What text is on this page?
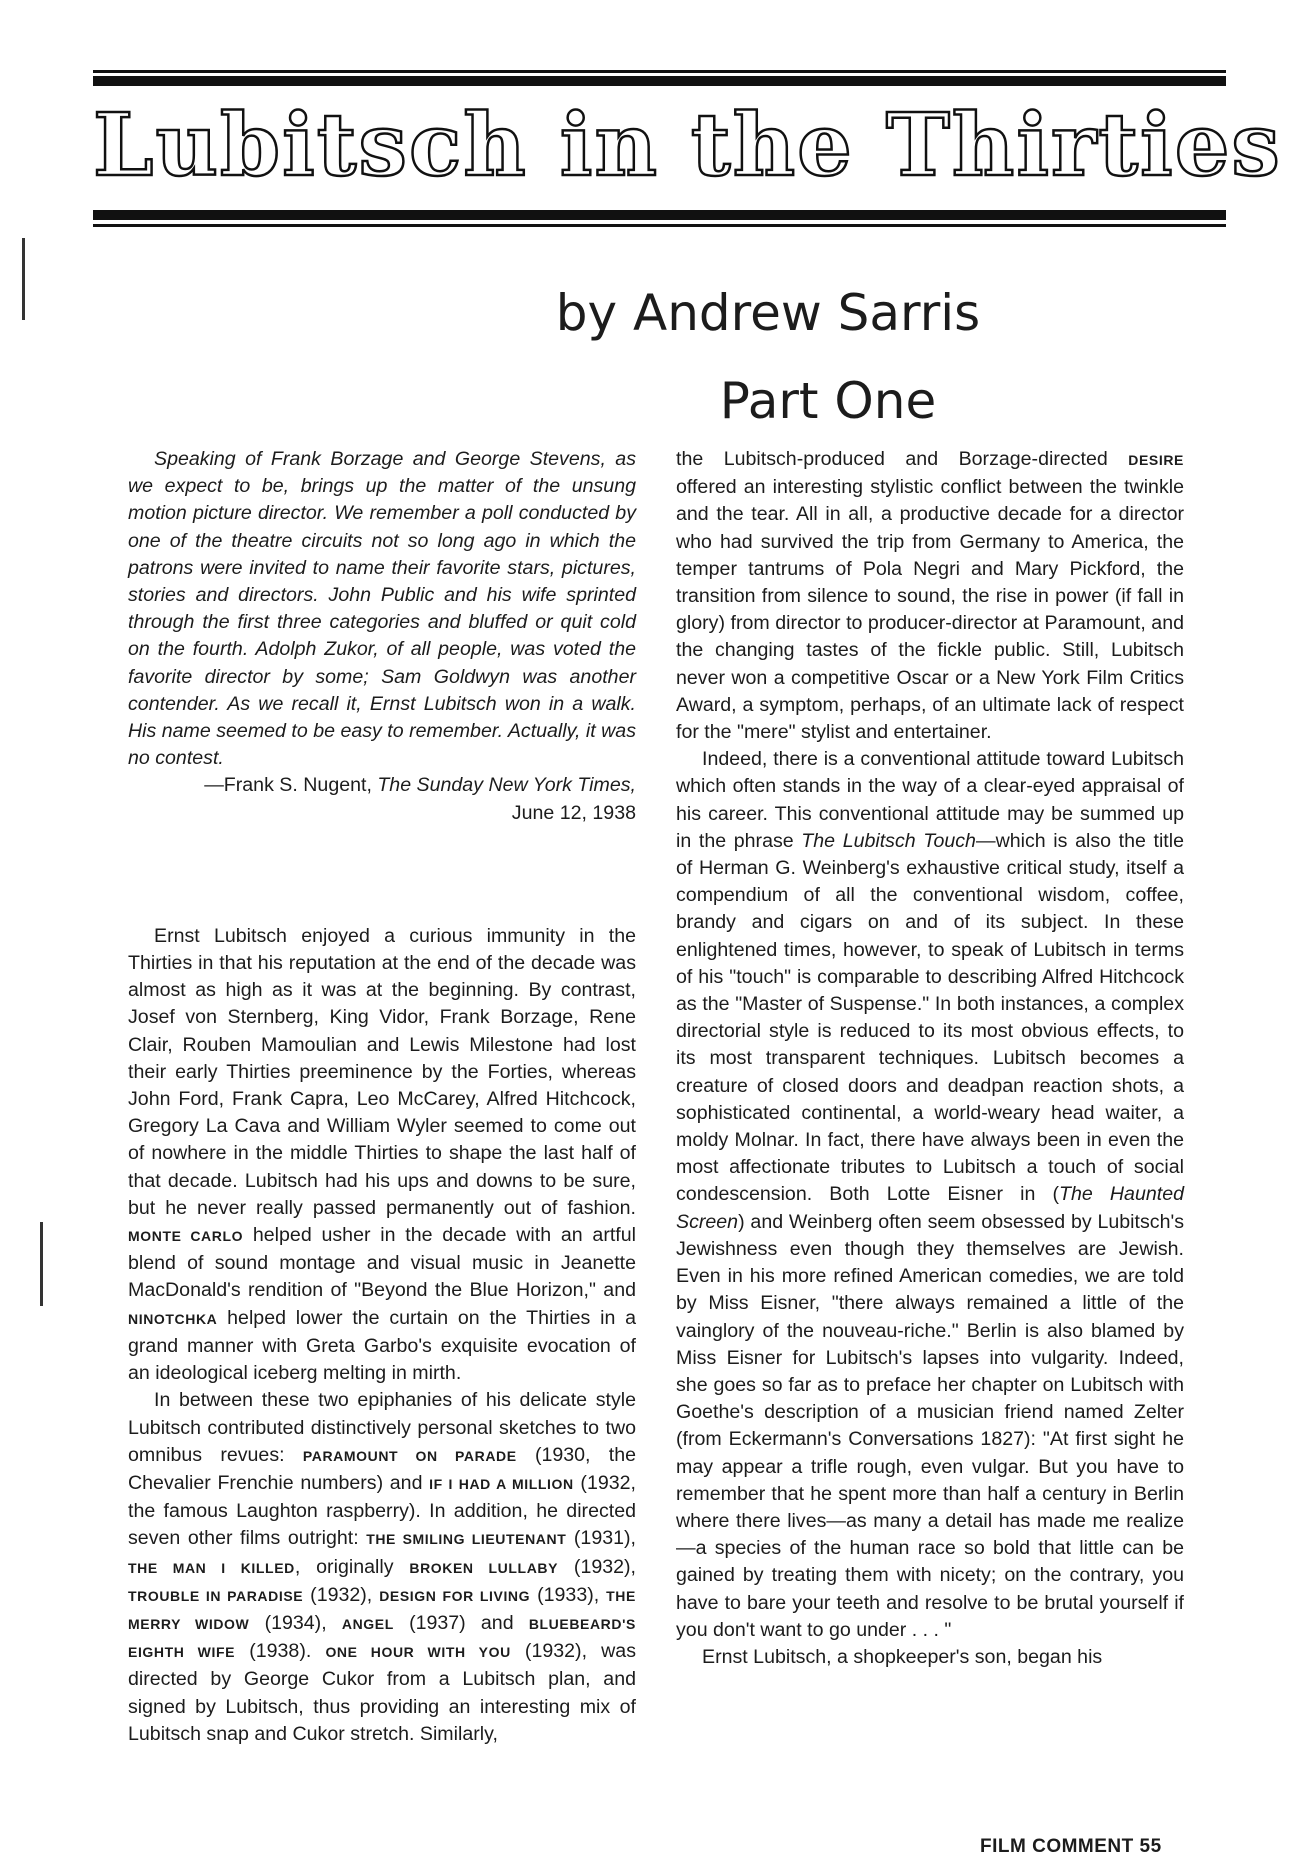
Lubitsch in the Thirties
by Andrew Sarris
Part One

Speaking of Frank Borzage and George Stevens, as we expect to be, brings up the matter of the unsung motion picture director. We remember a poll conducted by one of the theatre circuits not so long ago in which the patrons were invited to name their favorite stars, pictures, stories and directors. John Public and his wife sprinted through the first three categories and bluffed or quit cold on the fourth. Adolph Zukor, of all people, was voted the favorite director by some; Sam Goldwyn was another contender. As we recall it, Ernst Lubitsch won in a walk. His name seemed to be easy to remember. Actually, it was no contest.

—Frank S. Nugent, The Sunday New York Times,
June 12, 1938

Ernst Lubitsch enjoyed a curious immunity in the Thirties in that his reputation at the end of the decade was almost as high as it was at the beginning. By contrast, Josef von Sternberg, King Vidor, Frank Borzage, Rene Clair, Rouben Mamoulian and Lewis Milestone had lost their early Thirties preeminence by the Forties, whereas John Ford, Frank Capra, Leo McCarey, Alfred Hitchcock, Gregory La Cava and William Wyler seemed to come out of nowhere in the middle Thirties to shape the last half of that decade. Lubitsch had his ups and downs to be sure, but he never really passed permanently out of fashion. MONTE CARLO helped usher in the decade with an artful blend of sound montage and visual music in Jeanette MacDonald's rendition of "Beyond the Blue Horizon," and NINOTCHKA helped lower the curtain on the Thirties in a grand manner with Greta Garbo's exquisite evocation of an ideological iceberg melting in mirth.

In between these two epiphanies of his delicate style Lubitsch contributed distinctively personal sketches to two omnibus revues: PARAMOUNT ON PARADE (1930, the Chevalier Frenchie numbers) and IF I HAD A MILLION (1932, the famous Laughton raspberry). In addition, he directed seven other films outright: THE SMILING LIEUTENANT (1931), THE MAN I KILLED, originally BROKEN LULLABY (1932), TROUBLE IN PARADISE (1932), DESIGN FOR LIVING (1933), THE MERRY WIDOW (1934), ANGEL (1937) and BLUEBEARD'S EIGHTH WIFE (1938). ONE HOUR WITH YOU (1932), was directed by George Cukor from a Lubitsch plan, and signed by Lubitsch, thus providing an interesting mix of Lubitsch snap and Cukor stretch. Similarly,

the Lubitsch-produced and Borzage-directed DESIRE offered an interesting stylistic conflict between the twinkle and the tear. All in all, a productive decade for a director who had survived the trip from Germany to America, the temper tantrums of Pola Negri and Mary Pickford, the transition from silence to sound, the rise in power (if fall in glory) from director to producer-director at Paramount, and the changing tastes of the fickle public. Still, Lubitsch never won a competitive Oscar or a New York Film Critics Award, a symptom, perhaps, of an ultimate lack of respect for the "mere" stylist and entertainer.

Indeed, there is a conventional attitude toward Lubitsch which often stands in the way of a clear-eyed appraisal of his career. This conventional attitude may be summed up in the phrase The Lubitsch Touch—which is also the title of Herman G. Weinberg's exhaustive critical study, itself a compendium of all the conventional wisdom, coffee, brandy and cigars on and of its subject. In these enlightened times, however, to speak of Lubitsch in terms of his "touch" is comparable to describing Alfred Hitchcock as the "Master of Suspense." In both instances, a complex directorial style is reduced to its most obvious effects, to its most transparent techniques. Lubitsch becomes a creature of closed doors and deadpan reaction shots, a sophisticated continental, a world-weary head waiter, a moldy Molnar. In fact, there have always been in even the most affectionate tributes to Lubitsch a touch of social condescension. Both Lotte Eisner in (The Haunted Screen) and Weinberg often seem obsessed by Lubitsch's Jewishness even though they themselves are Jewish. Even in his more refined American comedies, we are told by Miss Eisner, "there always remained a little of the vainglory of the nouveau-riche." Berlin is also blamed by Miss Eisner for Lubitsch's lapses into vulgarity. Indeed, she goes so far as to preface her chapter on Lubitsch with Goethe's description of a musician friend named Zelter (from Eckermann's Conversations 1827): "At first sight he may appear a trifle rough, even vulgar. But you have to remember that he spent more than half a century in Berlin where there lives—as many a detail has made me realize—a species of the human race so bold that little can be gained by treating them with nicety; on the contrary, you have to bare your teeth and resolve to be brutal yourself if you don't want to go under . . . "

Ernst Lubitsch, a shopkeeper's son, began his

FILM COMMENT 55
